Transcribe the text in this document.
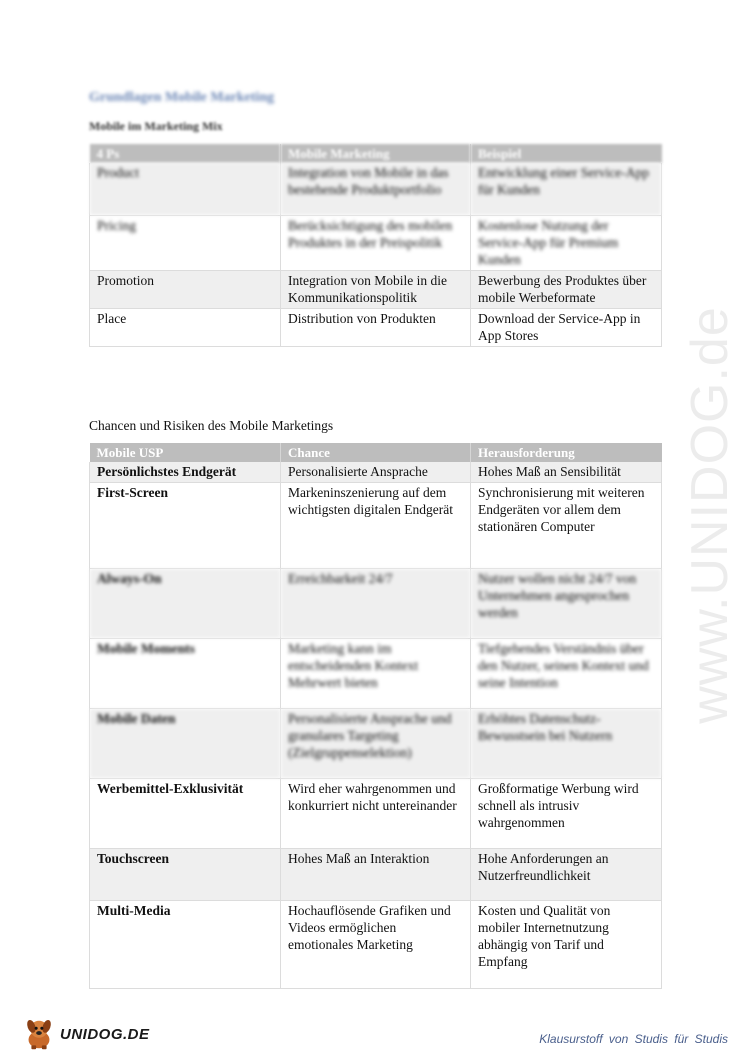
Grundlagen Mobile Marketing
Mobile im Marketing Mix
4 Ps	Mobile Marketing	Beispiel
Product	Integration von Mobile in das bestehende Produktportfolio	Entwicklung einer Service-App für Kunden
Pricing	Berücksichtigung des mobilen Produktes in der Preispolitik	Kostenlose Nutzung der Service-App für Premium Kunden
Promotion	Integration von Mobile in die Kommunikationspolitik	Bewerbung des Produktes über mobile Werbeformate
Place	Distribution von Produkten	Download der Service-App in App Stores
Chancen und Risiken des Mobile Marketings
Mobile USP	Chance	Herausforderung
Persönlichstes Endgerät	Personalisierte Ansprache	Hohes Maß an Sensibilität
First-Screen	Markeninszenierung auf dem wichtigsten digitalen Endgerät	Synchronisierung mit weiteren Endgeräten vor allem dem stationären Computer
Always-On	Erreichbarkeit 24/7	Nutzer wollen nicht 24/7 von Unternehmen angesprochen werden
Mobile Moments	Marketing kann im entscheidenden Kontext Mehrwert bieten	Tiefgehendes Verständnis über den Nutzer, seinen Kontext und seine Intention
Mobile Daten	Personalisierte Ansprache und granulares Targeting (Zielgruppenselektion)	Erhöhtes Datenschutz-Bewusstsein bei Nutzern
Werbemittel-Exklusivität	Wird eher wahrgenommen und konkurriert nicht untereinander	Großformatige Werbung wird schnell als intrusiv wahrgenommen
Touchscreen	Hohes Maß an Interaktion	Hohe Anforderungen an Nutzerfreundlichkeit
Multi-Media	Hochauflösende Grafiken und Videos ermöglichen emotionales Marketing	Kosten und Qualität von mobiler Internetnutzung abhängig von Tarif und Empfang
www.UNIDOG.de
UNIDOG.DE	Klausurstoff von Studis für Studis
